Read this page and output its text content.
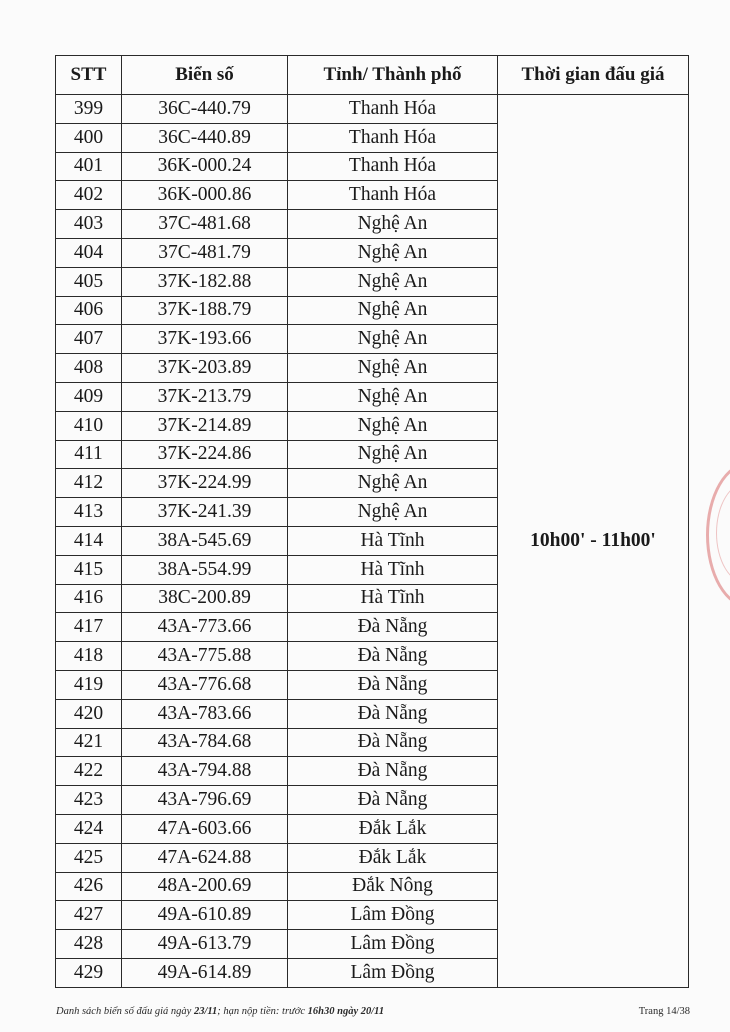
STT	Biển số	Tỉnh/ Thành phố	Thời gian đấu giá
399	36C-440.79	Thanh Hóa	10h00' - 11h00'
400	36C-440.89	Thanh Hóa	
401	36K-000.24	Thanh Hóa	
402	36K-000.86	Thanh Hóa	
403	37C-481.68	Nghệ An	
404	37C-481.79	Nghệ An	
405	37K-182.88	Nghệ An	
406	37K-188.79	Nghệ An	
407	37K-193.66	Nghệ An	
408	37K-203.89	Nghệ An	
409	37K-213.79	Nghệ An	
410	37K-214.89	Nghệ An	
411	37K-224.86	Nghệ An	
412	37K-224.99	Nghệ An	
413	37K-241.39	Nghệ An	
414	38A-545.69	Hà Tĩnh	
415	38A-554.99	Hà Tĩnh	
416	38C-200.89	Hà Tĩnh	
417	43A-773.66	Đà Nẵng	
418	43A-775.88	Đà Nẵng	
419	43A-776.68	Đà Nẵng	
420	43A-783.66	Đà Nẵng	
421	43A-784.68	Đà Nẵng	
422	43A-794.88	Đà Nẵng	
423	43A-796.69	Đà Nẵng	
424	47A-603.66	Đắk Lắk	
425	47A-624.88	Đắk Lắk	
426	48A-200.69	Đắk Nông	
427	49A-610.89	Lâm Đồng	
428	49A-613.79	Lâm Đồng	
429	49A-614.89	Lâm Đồng	
Danh sách biển số đấu giá ngày 23/11; hạn nộp tiền: trước 16h30 ngày 20/11	Trang 14/38
